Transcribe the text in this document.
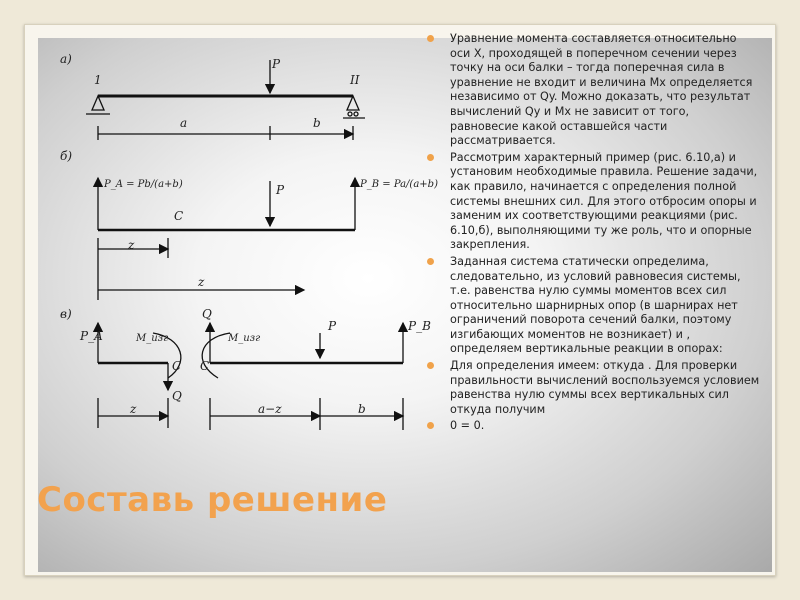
a)	P
1	II
a	b
б)
P_A = Pb/(a+b)	P_B = Pa/(a+b)
P
C
z
z
в)
P_A	M_изг
C
Q
Q
M_изг
C
P	P_B
z	a−z	b
Уравнение момента составляется относительно оси X, проходящей в поперечном сечении через точку на оси балки – тогда поперечная сила в уравнение не входит и величина Mx определяется независимо от Qy. Можно доказать, что результат вычислений Qy и Mx не зависит от того, равновесие какой оставшейся части рассматривается.
Рассмотрим характерный пример (рис. 6.10,а) и установим необходимые правила. Решение задачи, как правило, начинается с определения полной системы внешних сил. Для этого отбросим опоры и заменим их соответствующими реакциями (рис. 6.10,б), выполняющими ту же роль, что и опорные закрепления.
Заданная система статически определима, следовательно, из условий равновесия системы, т.е. равенства нулю суммы моментов всех сил относительно шарнирных опор (в шарнирах нет ограничений поворота сечений балки, поэтому изгибающих моментов не возникает) и , определяем вертикальные реакции в опорах:
Для определения имеем: откуда . Для проверки правильности вычислений воспользуемся условием равенства нулю суммы всех вертикальных сил откуда получим
0 = 0.
Составь решение
